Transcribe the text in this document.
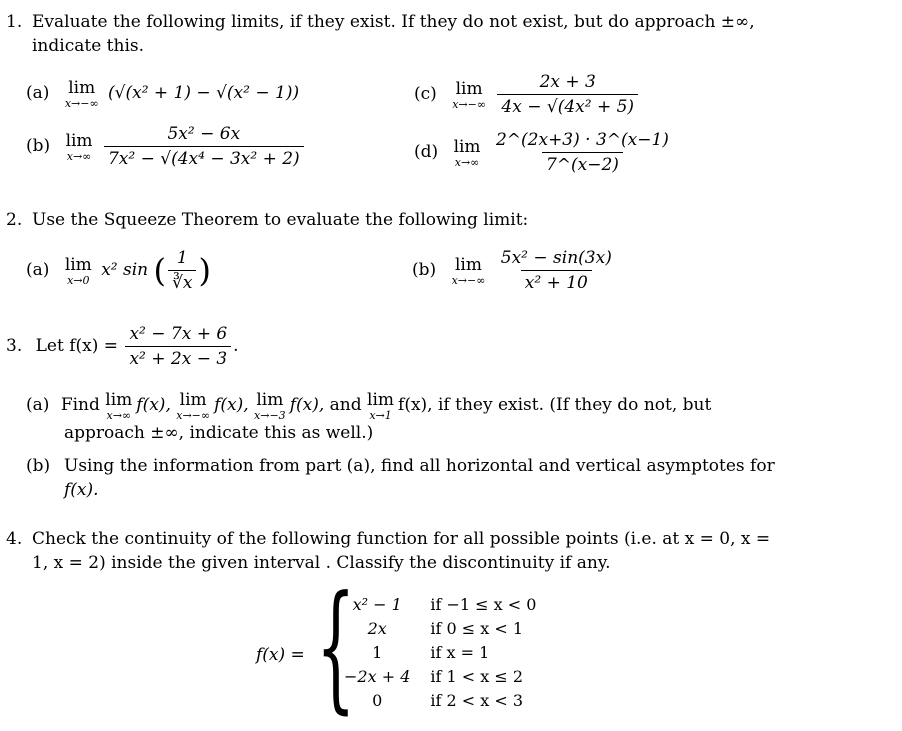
1. Evaluate the following limits, if they exist. If they do not exist, but do approach ±∞,
indicate this.
(a) lim
x→−∞
(√(x² + 1) − √(x² − 1))
(b) lim
x→∞
$\frac{\text{5x² − 6x}}{\text{7x² − √(4x⁴ − 3x² + 2)}}$
(c) lim
x→−∞
$\frac{2x + 3}{\text{4x − √(4x² + 5)}}$
(d) lim
x→∞
$\frac{2\^{}(2x+3) \cdot 3\^{}(x-1)}{7\^{}(x-2)}$
2. Use the Squeeze Theorem to evaluate the following limit:
(a) lim
x→0
x² sin ( $\frac{1}{∛x}$ )	(b) lim
x→−∞
$\frac{\text{5x² − sin(3x)}}{\text{x² + 10}}$
3. Let $f(x) = \frac{\text{x² − 7x + 6}}{\text{x² + 2x − 3}}$ .
(a) Find lim
x→∞
f(x), lim
x→−∞
f(x), lim
x→−3
f(x), and lim
x→1
f(x), if they exist. (If they do not, but
approach ±∞, indicate this as well.)
(b) Using the information from part (a), find all horizontal and vertical asymptotes for
f(x).
4. Check the continuity of the following function for all possible points (i.e. at x = 0, x =
1, x = 2) inside the given interval . Classify the discontinuity if any.
f(x) = {
x² − 1	if −1 ≤ x < 0
2x	if 0 ≤ x < 1
1	if x = 1
−2x + 4	if 1 < x ≤ 2
0	if 2 < x < 3
